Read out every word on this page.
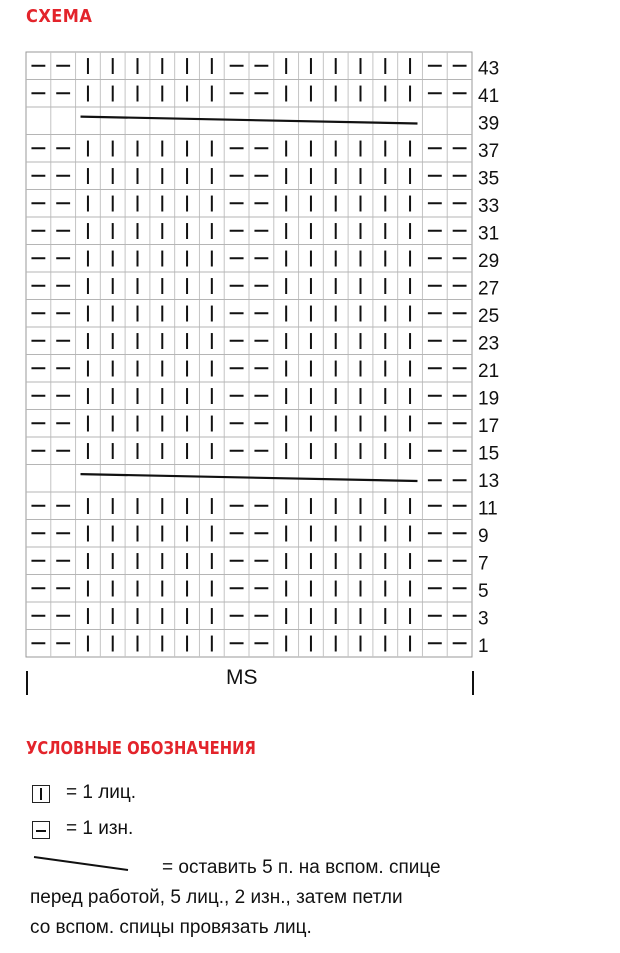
СХЕМА
43
41
39
37
35
33
31
29
27
25
23
21
19
17
15
13
11
9
7
5
3
1
MS
УСЛОВНЫЕ ОБОЗНАЧЕНИЯ
= 1 лиц.
= 1 изн.
= оставить 5 п. на вспом. спице
перед работой, 5 лиц., 2 изн., затем петли
со вспом. спицы провязать лиц.
